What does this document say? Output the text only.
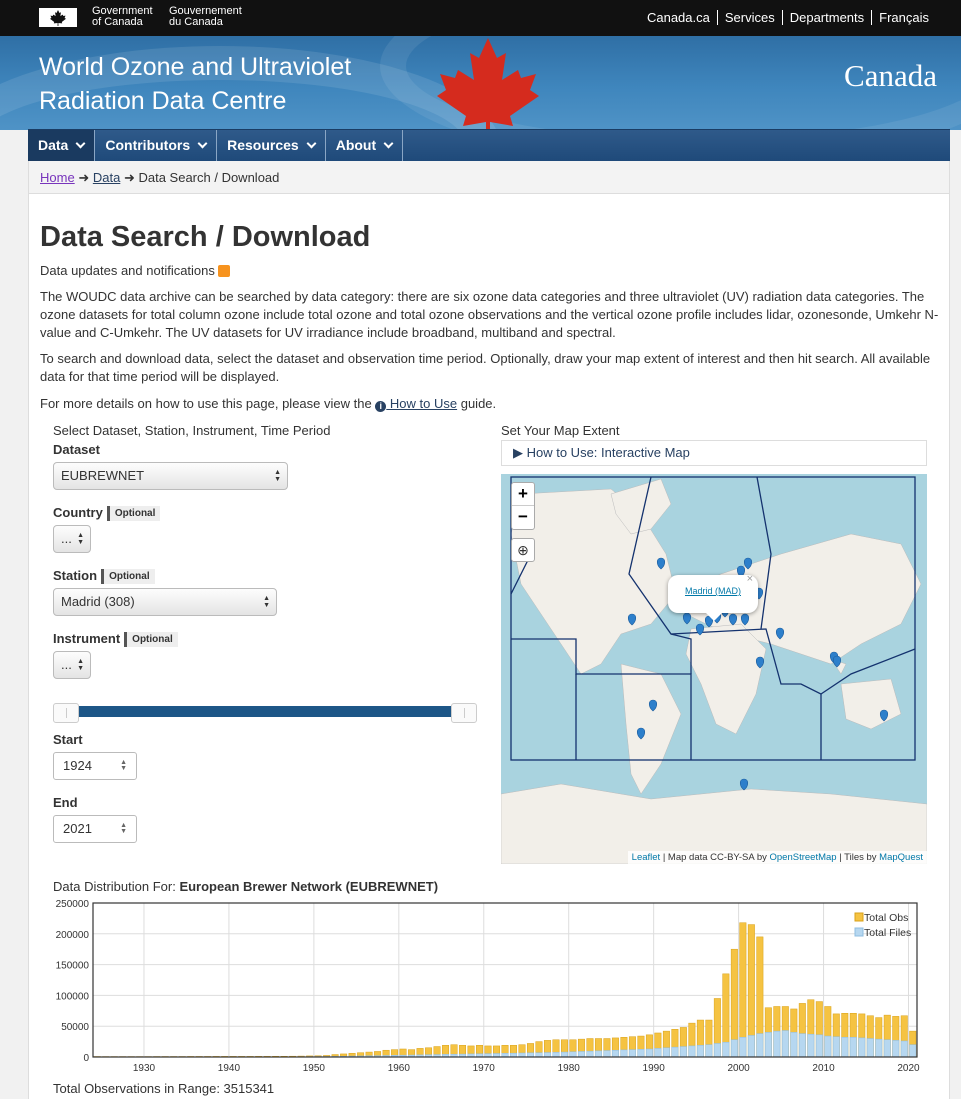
Government
of Canada
Gouvernement
du Canada	Canada.ca	Services	Departments	Français
World Ozone and Ultraviolet
Radiation Data Centre
Canada
Data	Contributors	Resources	About
Home ➜ Data ➜ Data Search / Download
Data Search / Download
Data updates and notifications
The WOUDC data archive can be searched by data category: there are six ozone data categories and three ultraviolet (UV) radiation data categories. The ozone datasets for total column ozone include total ozone and total ozone observations and the vertical ozone profile includes lidar, ozonesonde, Umkehr N-value and C-Umkehr. The UV datasets for UV irradiance include broadband, multiband and spectral.
To search and download data, select the dataset and observation time period. Optionally, draw your map extent of interest and then hit search. All available data for that time period will be displayed.
For more details on how to use this page, please view the i How to Use guide.
Select Dataset, Station, Instrument, Time Period
Dataset
EUBREWNET	▲
▼
Country Optional
... ▲
▼
Station Optional
Madrid (308)	▲
▼
Instrument Optional
... ▲
▼
Start
1924	▲
▼
End
2021	▲
▼
Set Your Map Extent
▶ How to Use: Interactive Map
+
−
⊕
Madrid (MAD)
×
Leaflet | Map data CC-BY-SA by OpenStreetMap | Tiles by MapQuest
Data Distribution For: European Brewer Network (EUBREWNET)
1930	1940	1950	1960	1970	1980	1990	2000	2010	2020
0
50000
100000
150000
200000
250000
Total Obs
Total Files
Total Observations in Range: 3515341
